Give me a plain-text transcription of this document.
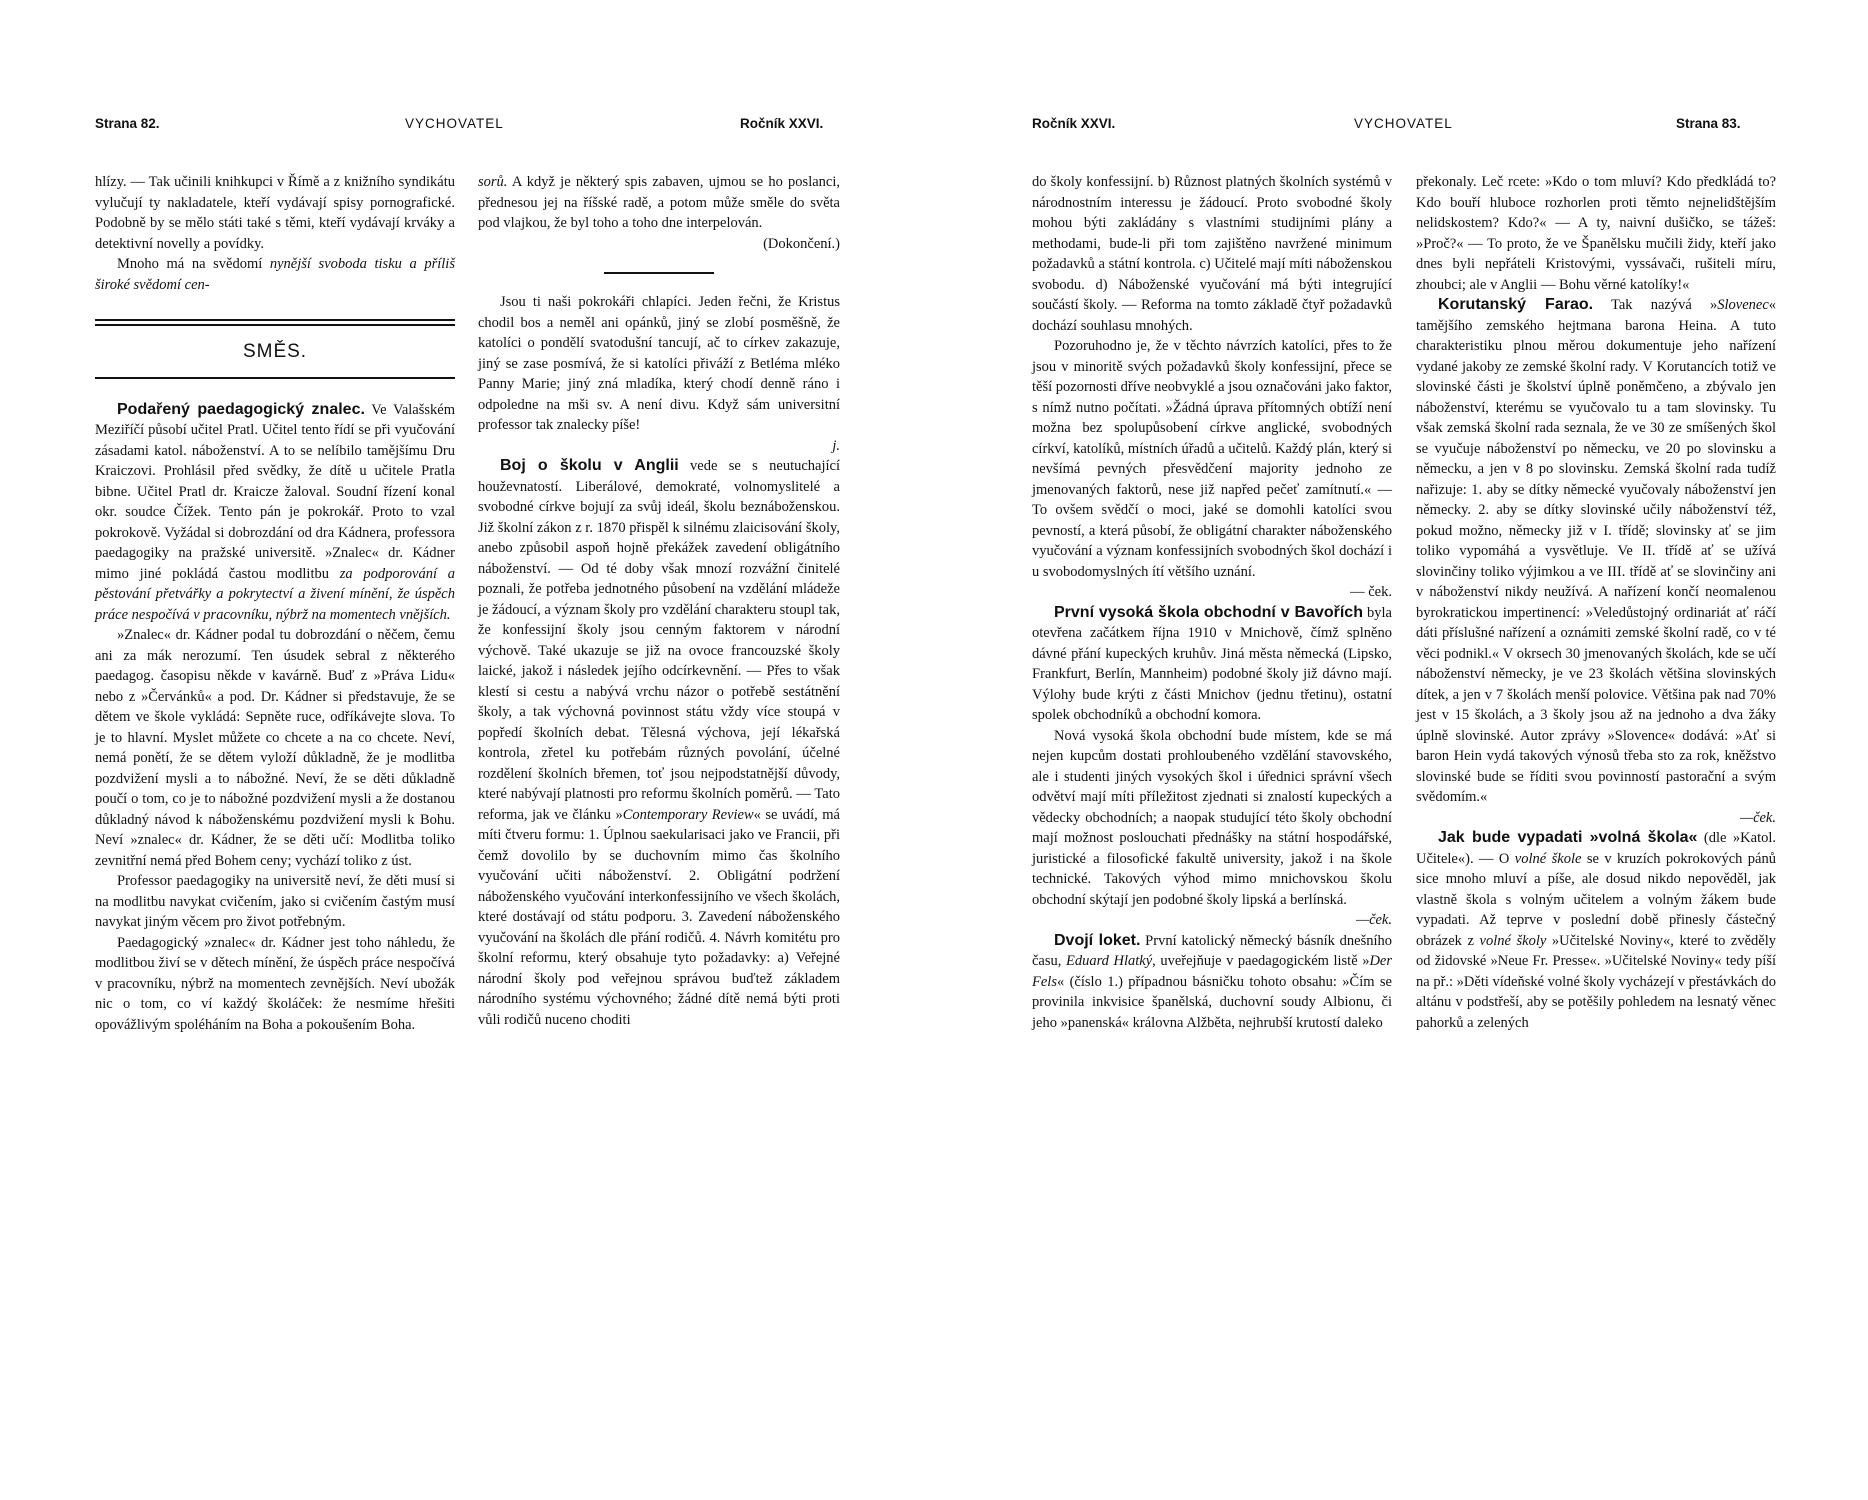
Strana 82.	VYCHOVATEL	Ročník XXVI.

hlízy. — Tak učinili knihkupci v Římě a z knižního syndikátu vylučují ty nakladatele, kteří vydávají spisy pornografické. Podobně by se mělo státi také s těmi, kteří vydávají krváky a detektivní novelly a povídky.

Mnoho má na svědomí nynější svoboda tisku a příliš široké svědomí cen-

SMĚS.

Podařený paedagogický znalec. Ve Valašském Meziříčí působí učitel Pratl. Učitel tento řídí se při vyučování zásadami katol. náboženství. A to se nelíbilo tamějšímu Dru Kraiczovi. Prohlásil před svědky, že dítě u učitele Pratla bibne. Učitel Pratl dr. Kraicze žaloval. Soudní řízení konal okr. soudce Čížek. Tento pán je pokrokář. Proto to vzal pokrokově. Vyžádal si dobrozdání od dra Kádnera, professora paedagogiky na pražské universitě. »Znalec« dr. Kádner mimo jiné pokládá častou modlitbu za podporování a pěstování přetvářky a pokrytectví a živení mínění, že úspěch práce nespočívá v pracovníku, nýbrž na momentech vnějších.

»Znalec« dr. Kádner podal tu dobrozdání o něčem, čemu ani za mák nerozumí. Ten úsudek sebral z některého paedagog. časopisu někde v kavárně. Buď z »Práva Lidu« nebo z »Červánků« a pod. Dr. Kádner si představuje, že se dětem ve škole vykládá: Sepněte ruce, odříkávejte slova. To je to hlavní. Myslet můžete co chcete a na co chcete. Neví, nemá ponětí, že se dětem vyloží důkladně, že je modlitba pozdvižení mysli a to nábožné. Neví, že se děti důkladně poučí o tom, co je to nábožné pozdvižení mysli a že dostanou důkladný návod k náboženskému pozdvižení mysli k Bohu. Neví »znalec« dr. Kádner, že se děti učí: Modlitba toliko zevnitřní nemá před Bohem ceny; vychází toliko z úst.

Professor paedagogiky na universitě neví, že děti musí si na modlitbu navykat cvičením, jako si cvičením častým musí navykat jiným věcem pro život potřebným.

Paedagogický »znalec« dr. Kádner jest toho náhledu, že modlitbou živí se v dětech mínění, že úspěch práce nespočívá v pracovníku, nýbrž na momentech zevnějších. Neví ubožák nic o tom, co ví každý školáček: že nesmíme hřešiti opovážlivým spoléháním na Boha a pokoušením Boha.

sorů. A když je některý spis zabaven, ujmou se ho poslanci, přednesou jej na říšské radě, a potom může směle do světa pod vlajkou, že byl toho a toho dne interpelován.

(Dokončení.)

Jsou ti naši pokrokáři chlapíci. Jeden řečni, že Kristus chodil bos a neměl ani opánků, jiný se zlobí posměšně, že katolíci o pondělí svatodušní tancují, ač to církev zakazuje, jiný se zase posmívá, že si katolíci přiváží z Betléma mléko Panny Marie; jiný zná mladíka, který chodí denně ráno i odpoledne na mši sv. A není divu. Když sám universitní professor tak znalecky píše!

j.

Boj o školu v Anglii vede se s neutuchající houževnatostí. Liberálové, demokraté, volnomyslitelé a svobodné církve bojují za svůj ideál, školu beznáboženskou. Již školní zákon z r. 1870 přispěl k silnému zlaicisování školy, anebo způsobil aspoň hojně překážek zavedení obligátního náboženství. — Od té doby však mnozí rozvážní činitelé poznali, že potřeba jednotného působení na vzdělání mládeže je žádoucí, a význam školy pro vzdělání charakteru stoupl tak, že konfessijní školy jsou cenným faktorem v národní výchově. Také ukazuje se již na ovoce francouzské školy laické, jakož i následek jejího odcírkevnění. — Přes to však klestí si cestu a nabývá vrchu názor o potřebě sestátnění školy, a tak výchovná povinnost státu vždy více stoupá v popředí školních debat. Tělesná výchova, její lékařská kontrola, zřetel ku potřebám různých povolání, účelné rozdělení školních břemen, toť jsou nejpodstatnější důvody, které nabývají platnosti pro reformu školních poměrů. — Tato reforma, jak ve článku »Contemporary Review« se uvádí, má míti čtveru formu: 1. Úplnou saekularisaci jako ve Francii, při čemž dovolilo by se duchovním mimo čas školního vyučování učiti náboženství. 2. Obligátní podržení náboženského vyučování interkonfessijního ve všech školách, které dostávají od státu podporu. 3. Zavedení náboženského vyučování na školách dle přání rodičů. 4. Návrh komitétu pro školní reformu, který obsahuje tyto požadavky: a) Veřejné národní školy pod veřejnou správou buďtež základem národního systému výchovného; žádné dítě nemá býti proti vůli rodičů nuceno choditi

Ročník XXVI.	VYCHOVATEL	Strana 83.

do školy konfessijní. b) Různost platných školních systémů v národnostním interessu je žádoucí. Proto svobodné školy mohou býti zakládány s vlastními studijními plány a methodami, bude-li při tom zajištěno navržené minimum požadavků a státní kontrola. c) Učitelé mají míti náboženskou svobodu. d) Náboženské vyučování má býti integrující součástí školy. — Reforma na tomto základě čtyř požadavků dochází souhlasu mnohých.

Pozoruhodno je, že v těchto návrzích katolíci, přes to že jsou v minoritě svých požadavků školy konfessijní, přece se těší pozornosti dříve neobvyklé a jsou označováni jako faktor, s nímž nutno počítati. »Žádná úprava přítomných obtíží není možna bez spolupůsobení církve anglické, svobodných církví, katolíků, místních úřadů a učitelů. Každý plán, který si nevšímá pevných přesvědčení majority jednoho ze jmenovaných faktorů, nese již napřed pečeť zamítnutí.« — To ovšem svědčí o moci, jaké se domohli katolíci svou pevností, a která působí, že obligátní charakter náboženského vyučování a význam konfessijních svobodných škol dochází i u svobodomyslných ítí většího uznání.

— ček.

První vysoká škola obchodní v Bavořích byla otevřena začátkem října 1910 v Mnichově, čímž splněno dávné přání kupeckých kruhův. Jiná města německá (Lipsko, Frankfurt, Berlín, Mannheim) podobné školy již dávno mají. Výlohy bude krýti z části Mnichov (jednu třetinu), ostatní spolek obchodníků a obchodní komora.

Nová vysoká škola obchodní bude místem, kde se má nejen kupcům dostati prohloubeného vzdělání stavovského, ale i studenti jiných vysokých škol i úřednici správní všech odvětví mají míti příležitost zjednati si znalostí kupeckých a vědecky obchodních; a naopak studující této školy obchodní mají možnost poslouchati přednášky na státní hospodářské, juristické a filosofické fakultě university, jakož i na škole technické. Takových výhod mimo mnichovskou školu obchodní skýtají jen podobné školy lipská a berlínská.

—ček.

Dvojí loket. První katolický německý básník dnešního času, Eduard Hlatký, uveřejňuje v paedagogickém listě »Der Fels« (číslo 1.) případnou básničku tohoto obsahu: »Čím se provinila inkvisice španělská, duchovní soudy Albionu, či jeho »panenská« královna Alžběta, nejhrubší krutostí daleko

překonaly. Leč rcete: »Kdo o tom mluví? Kdo předkládá to? Kdo bouří hluboce rozhorlen proti těmto nejnelidštějším nelidskostem? Kdo?« — A ty, naivní dušičko, se tážeš: »Proč?« — To proto, že ve Španělsku mučili židy, kteří jako dnes byli nepřáteli Kristovými, vyssávači, rušiteli míru, zhoubci; ale v Anglii — Bohu věrné katolíky!«

Korutanský Farao. Tak nazývá »Slovenec« tamějšího zemského hejtmana barona Heina. A tuto charakteristiku plnou měrou dokumentuje jeho nařízení vydané jakoby ze zemské školní rady. V Korutancích totiž ve slovinské části je školství úplně poněmčeno, a zbývalo jen náboženství, kterému se vyučovalo tu a tam slovinsky. Tu však zemská školní rada seznala, že ve 30 ze smíšených škol se vyučuje náboženství po německu, ve 20 po slovinsku a německu, a jen v 8 po slovinsku. Zemská školní rada tudíž nařizuje: 1. aby se dítky německé vyučovaly náboženství jen německy. 2. aby se dítky slovinské učily náboženství též, pokud možno, německy již v I. třídě; slovinsky ať se jim toliko vypomáhá a vysvětluje. Ve II. třídě ať se užívá slovinčiny toliko výjimkou a ve III. třídě ať se slovinčiny ani v náboženství nikdy neužívá. A nařízení končí neomalenou byrokratickou impertinencí: »Veledůstojný ordinariát ať ráčí dáti příslušné nařízení a oznámiti zemské školní radě, co v té věci podnikl.« V okrsech 30 jmenovaných školách, kde se učí náboženství německy, je ve 23 školách většina slovinských dítek, a jen v 7 školách menší polovice. Většina pak nad 70% jest v 15 školách, a 3 školy jsou až na jednoho a dva žáky úplně slovinské. Autor zprávy »Slovence« dodává: »Ať si baron Hein vydá takových výnosů třeba sto za rok, kněžstvo slovinské bude se říditi svou povinností pastorační a svým svědomím.«

—ček.

Jak bude vypadati »volná škola« (dle »Katol. Učitele«). — O volné škole se v kruzích pokrokových pánů sice mnoho mluví a píše, ale dosud nikdo nepověděl, jak vlastně škola s volným učitelem a volným žákem bude vypadati. Až teprve v poslední době přinesly částečný obrázek z volné školy »Učitelské Noviny«, které to zvěděly od židovské »Neue Fr. Presse«. »Učitelské Noviny« tedy píší na př.: »Děti vídeňské volné školy vycházejí v přestávkách do altánu v podstřeší, aby se potěšily pohledem na lesnatý věnec pahorků a zelených
